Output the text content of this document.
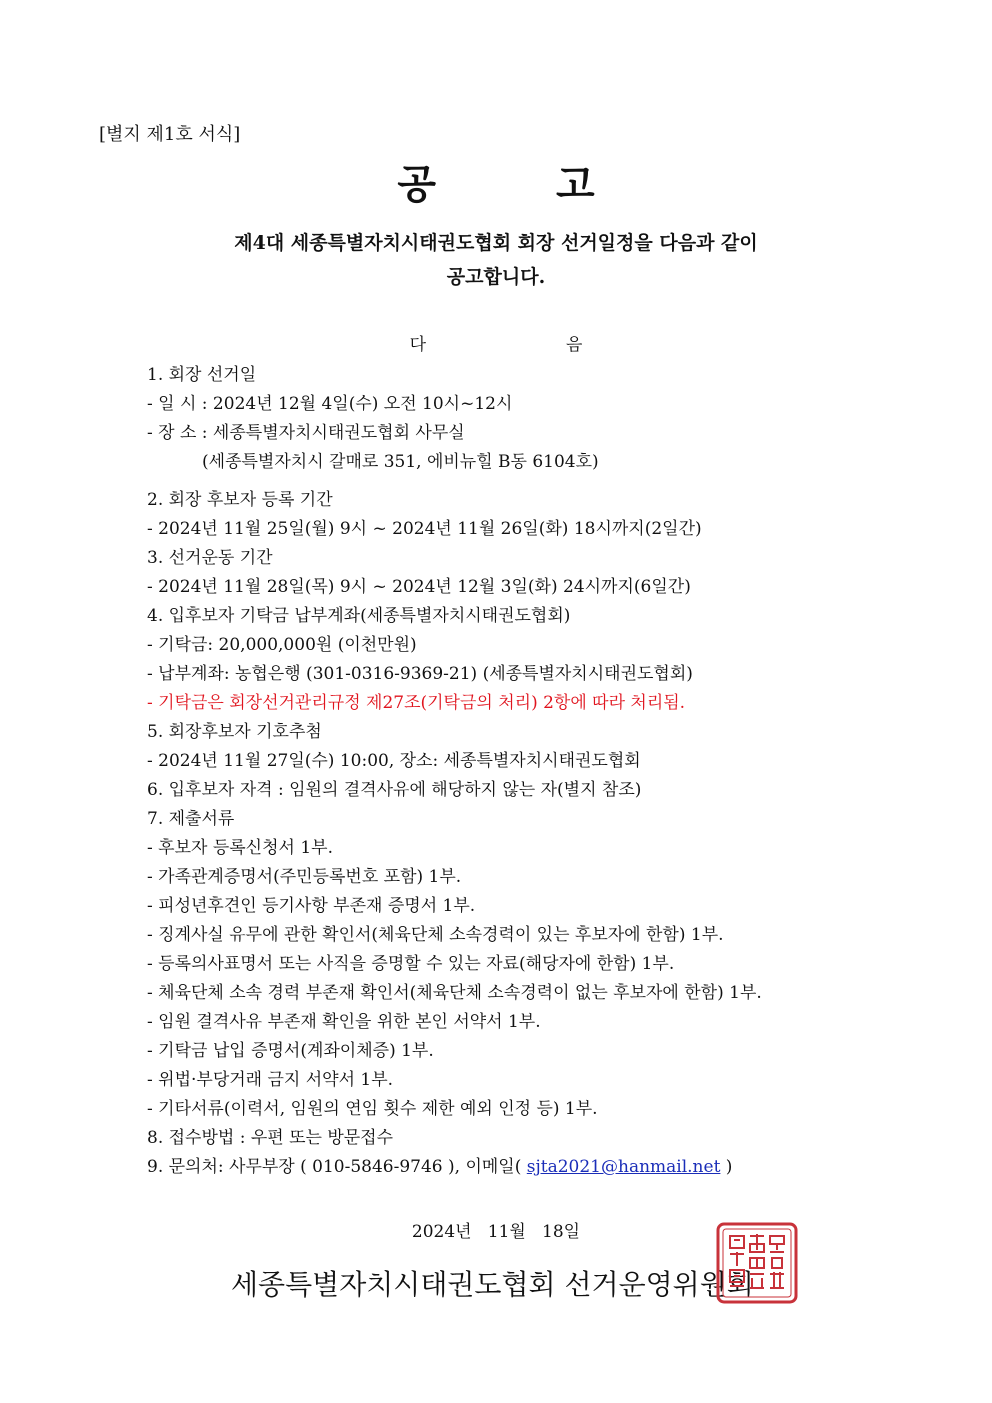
[별지 제1호 서식]
공	고
제4대 세종특별자치시태권도협회 회장 선거일정을 다음과 같이
공고합니다.
다	음
1. 회장 선거일
- 일 시 : 2024년 12월 4일(수) 오전 10시~12시
- 장 소 : 세종특별자치시태권도협회 사무실
(세종특별자치시 갈매로 351, 에비뉴힐 B동 6104호)
2. 회장 후보자 등록 기간
- 2024년 11월 25일(월) 9시 ~ 2024년 11월 26일(화) 18시까지(2일간)
3. 선거운동 기간
- 2024년 11월 28일(목) 9시 ~ 2024년 12월 3일(화) 24시까지(6일간)
4. 입후보자 기탁금 납부계좌(세종특별자치시태권도협회)
- 기탁금: 20,000,000원 (이천만원)
- 납부계좌: 농협은행 (301-0316-9369-21) (세종특별자치시태권도협회)
- 기탁금은 회장선거관리규정 제27조(기탁금의 처리) 2항에 따라 처리됨.
5. 회장후보자 기호추첨
- 2024년 11월 27일(수) 10:00, 장소: 세종특별자치시태권도협회
6. 입후보자 자격 : 임원의 결격사유에 해당하지 않는 자(별지 참조)
7. 제출서류
- 후보자 등록신청서 1부.
- 가족관계증명서(주민등록번호 포함) 1부.
- 피성년후견인 등기사항 부존재 증명서 1부.
- 징계사실 유무에 관한 확인서(체육단체 소속경력이 있는 후보자에 한함) 1부.
- 등록의사표명서 또는 사직을 증명할 수 있는 자료(해당자에 한함) 1부.
- 체육단체 소속 경력 부존재 확인서(체육단체 소속경력이 없는 후보자에 한함) 1부.
- 임원 결격사유 부존재 확인을 위한 본인 서약서 1부.
- 기탁금 납입 증명서(계좌이체증) 1부.
- 위법·부당거래 금지 서약서 1부.
- 기타서류(이력서, 임원의 연임 횟수 제한 예외 인정 등) 1부.
8. 접수방법 : 우편 또는 방문접수
9. 문의처: 사무부장 ( 010-5846-9746 ), 이메일( sjta2021@hanmail.net )
2024년   11월   18일
세종특별자치시태권도협회 선거운영위원회
